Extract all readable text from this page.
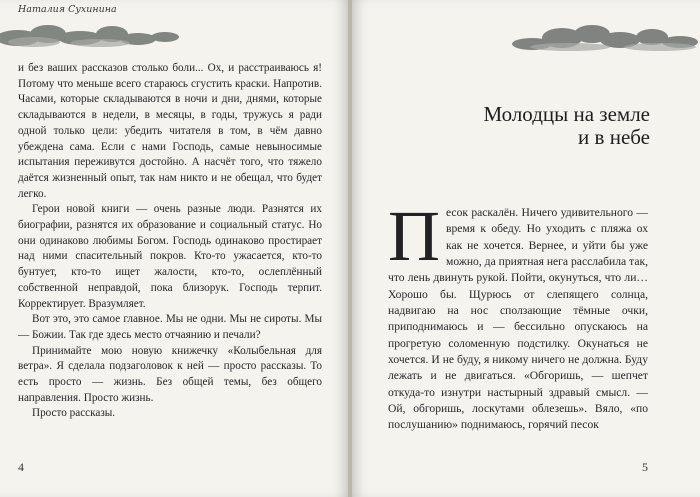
Наталия Сухинина

и без ваших рассказов столько боли... Ох, и расстраиваюсь я! Потому что меньше всего стараюсь сгустить краски. Напротив. Часами, которые складываются в ночи и дни, днями, которые складываются в недели, в месяцы, в годы, тружусь я ради одной только цели: убедить читателя в том, в чём давно убеждена сама. Если с нами Господь, самые невыносимые испытания переживутся достойно. А насчёт того, что тяжело даётся жизненный опыт, так нам никто и не обещал, что будет легко.

Герои новой книги — очень разные люди. Разнятся их биографии, разнятся их образование и социальный статус. Но они одинаково любимы Богом. Господь одинаково простирает над ними спасительный покров. Кто-то ужасается, кто-то бунтует, кто-то ищет жалости, кто-то, ослеплённый собственной неправдой, пока близорук. Господь терпит. Корректирует. Вразумляет.

Вот это, это самое главное. Мы не одни. Мы не сироты. Мы — Божии. Так где здесь место отчаянию и печали?

Принимайте мою новую книжечку «Колыбельная для ветра». Я сделала подзаголовок к ней — просто рассказы. То есть просто — жизнь. Без общей темы, без общего направления. Просто жизнь.

Просто рассказы.

4
Молодцы на земле
и в небе
П есок раскалён. Ничего удивительного — время к обеду. Но уходить с пляжа ох как не хочется. Вернее, и уйти бы уже можно, да приятная нега расслабила так, что лень двинуть рукой. Пойти, окунуться, что ли… Хорошо бы. Щурюсь от слепящего солнца, надвигаю на нос сползающие тёмные очки, приподнимаюсь и — бессильно опускаюсь на прогретую соломенную подстилку. Окунаться не хочется. И не буду, я никому ничего не должна. Буду лежать и не двигаться. «Обгоришь, — шепчет откуда-то изнутри настырный здравый смысл. — Ой, обгоришь, лоскутами облезешь». Вяло, «по послушанию» поднимаюсь, горячий песок
5
